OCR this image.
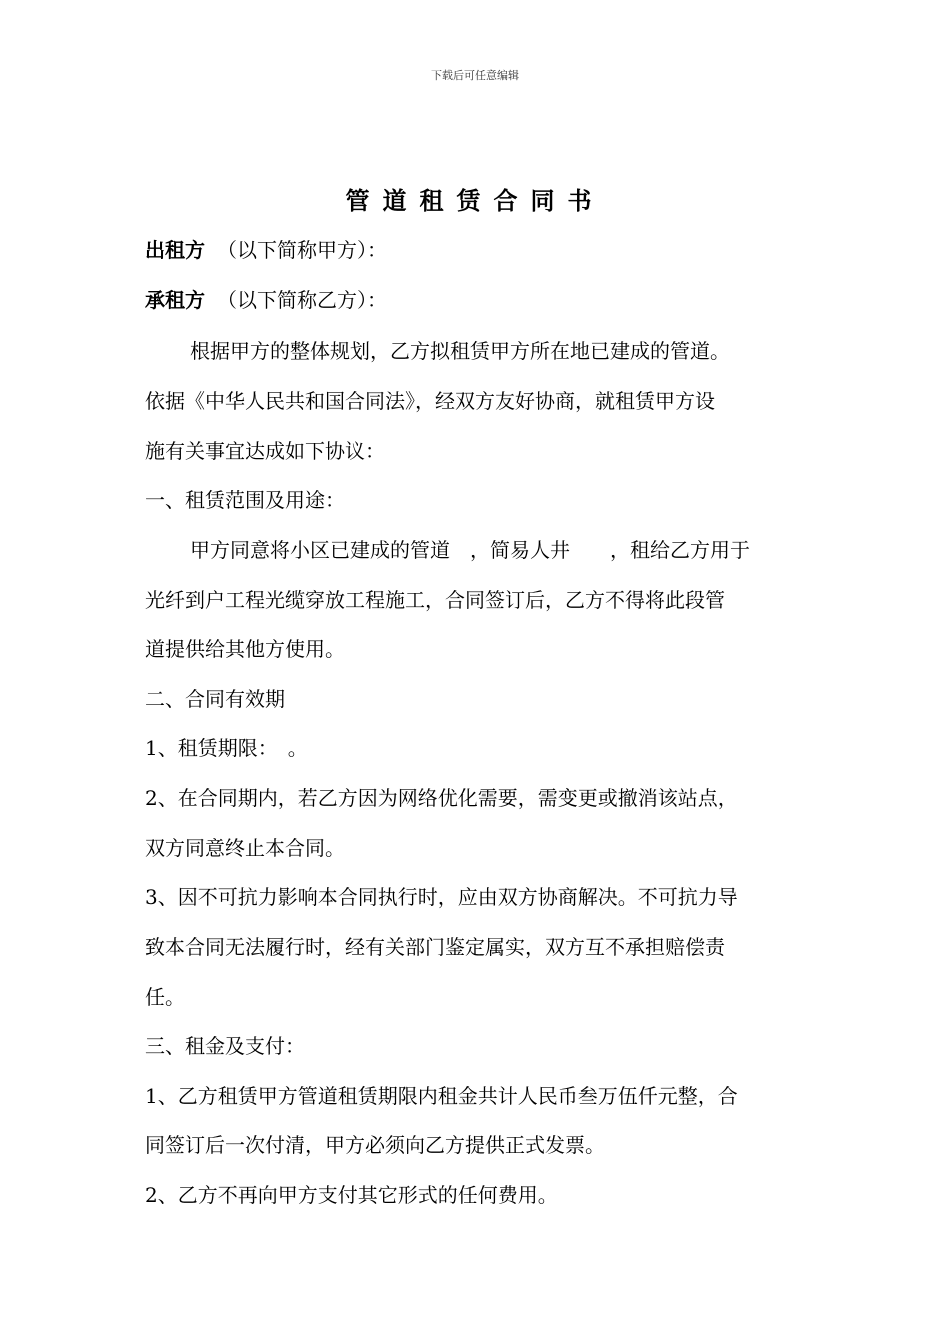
下载后可任意编辑
管道租赁合同书
出租方 （以下简称甲方）：
承租方 （以下简称乙方）：
根据甲方的整体规划，乙方拟租赁甲方所在地已建成的管道。
依据《中华人民共和国合同法》，经双方友好协商，就租赁甲方设
施有关事宜达成如下协议：
一、租赁范围及用途：
甲方同意将小区已建成的管道　，简易人井　　，租给乙方用于
光纤到户工程光缆穿放工程施工，合同签订后，乙方不得将此段管
道提供给其他方使用。
二、合同有效期
1、租赁期限：　。
2、在合同期内，若乙方因为网络优化需要，需变更或撤消该站点，
双方同意终止本合同。
3、因不可抗力影响本合同执行时，应由双方协商解决。不可抗力导
致本合同无法履行时，经有关部门鉴定属实，双方互不承担赔偿责
任。
三、租金及支付：
1、乙方租赁甲方管道租赁期限内租金共计人民币叁万伍仟元整，合
同签订后一次付清，甲方必须向乙方提供正式发票。
2、乙方不再向甲方支付其它形式的任何费用。
